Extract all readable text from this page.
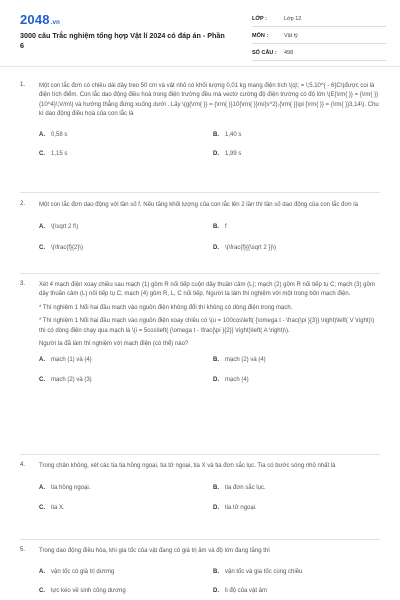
2048.vn
3000 câu Trắc nghiệm tổng hợp Vật lí 2024 có đáp án - Phần 6
LỚP :	Lớp 12
MÔN :	Vật lý
SỐ CÂU :	498
1. Một con lắc đơn có chiều dài dây treo 50 cm và vật nhỏ có khối lượng 0,01 kg mang điện tích \(q\; = \;5.10^{ - 6}C\)được coi là điện tích điểm. Con lắc dao động điều hoà trong điện trường đều mà vectơ cường độ điện trường có độ lớn \(E{\rm{ }} = {\rm{ }}{10^4}\;V/m\) và hướng thẳng đứng xuống dưới . Lấy \(g{\rm{ }} = {\rm{ }}10{\rm{ }}m/{s^2},{\rm{ }}\pi {\rm{ }} = {\rm{ }}3,14\). Chu kì dao động điều hoà của con lắc là
A. 0,58 s	B. 1,40 s
C. 1,15 s	D. 1,99 s
2. Một con lắc đơn dao động với tần số f. Nếu tăng khối lượng của con lắc lên 2 lần thì tần số dao động của con lắc đơn là
A. \(\sqrt 2 f\)	B. f
C. \(\frac{f}{2}\)	D. \(\frac{f}{{\sqrt 2 }}\)
3. Xét 4 mạch điện xoay chiều sau mạch (1) gồm R nối tiếp cuộn dây thuần cảm (L); mạch (2) gồm R nối tiếp tụ C; mạch (3) gồm dây thuần cảm (L) nối tiếp tụ C; mạch (4) gồm R, L, C nối tiếp. Người ta làm thí nghiệm với một trong bốn mạch điện.
* Thí nghiệm 1 Nối hai đầu mạch vào nguồn điện không đổi thì không có dòng điện trong mạch.
* Thí nghiệm 1 Nối hai đầu mạch vào nguồn điện xoay chiều có \(u = 100cos\left( {\omega t - \frac{\pi }{3}} \right)\left( V \right)\) thì có dòng điện chạy qua mạch là \(i = 5cos\left( {\omega t - \frac{\pi }{2}} \right)\left( A \right)\).
Người ta đã làm thí nghiệm với mạch điện (có thể) nào?
A. mạch (1) và (4)	B. mạch (2) và (4)
C. mạch (2) và (3)	D. mạch (4)
4. Trong chân không, xét các tia tia hồng ngoại, tia tử ngoại, tia X và tia đơn sắc lục. Tia có bước sóng nhỏ nhất là
A. tia hồng ngoại.	B. tia đơn sắc lục.
C. tia X.	D. tia tử ngoại.
5. Trong dao động điều hòa, khi gia tốc của vật đang có giá trị âm và độ lớn đang tăng thì
A. vận tốc có giá trị dương	B. vận tốc và gia tốc cùng chiều
C. lực kéo về sinh công dương	D. li độ của vật âm
